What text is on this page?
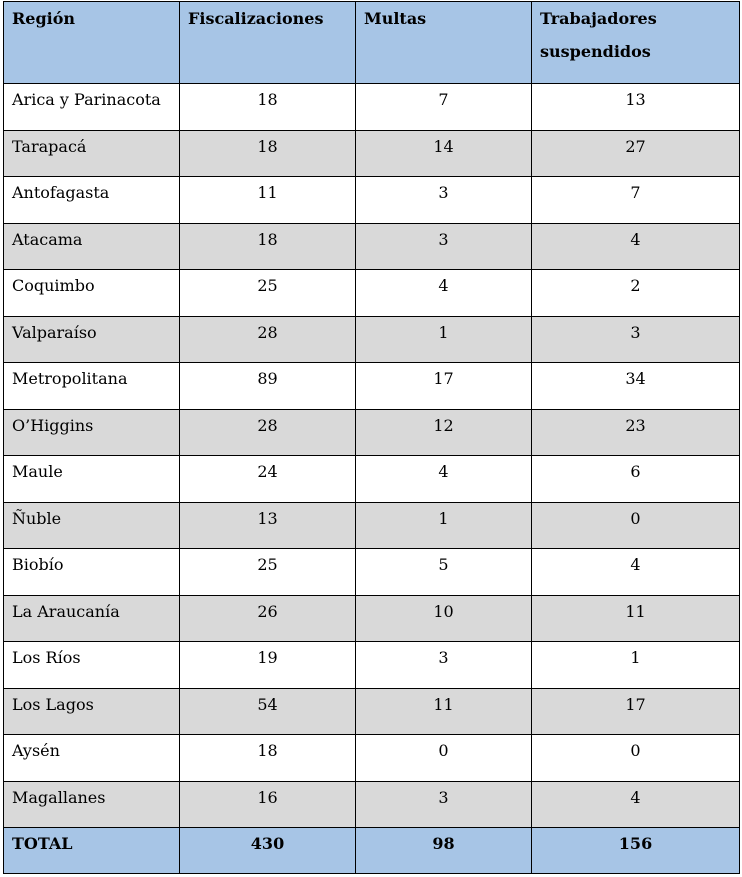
Región	Fiscalizaciones	Multas	Trabajadores suspendidos
Arica y Parinacota	18	7	13
Tarapacá	18	14	27
Antofagasta	11	3	7
Atacama	18	3	4
Coquimbo	25	4	2
Valparaíso	28	1	3
Metropolitana	89	17	34
O’Higgins	28	12	23
Maule	24	4	6
Ñuble	13	1	0
Biobío	25	5	4
La Araucanía	26	10	11
Los Ríos	19	3	1
Los Lagos	54	11	17
Aysén	18	0	0
Magallanes	16	3	4
TOTAL	430	98	156
